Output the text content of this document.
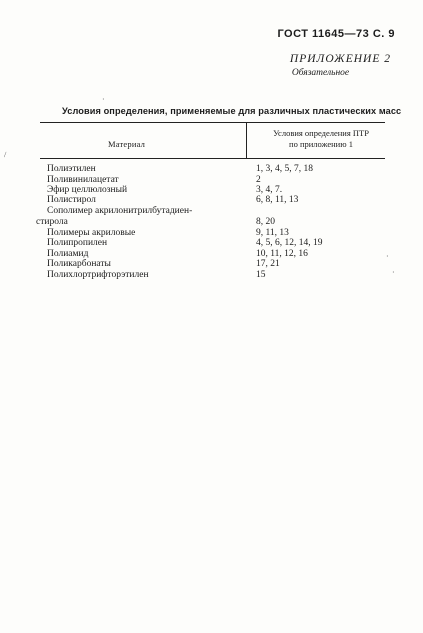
ГОСТ 11645—73 С. 9
ПРИЛОЖЕНИЕ 2
Обязательное
Условия определения, применяемые для различных пластических масс
Материал
Условия определения ПТР
по приложению 1
Полиэтилен	1, 3, 4, 5, 7, 18
Поливинилацетат	2
Эфир целлюлозный	3, 4, 7.
Полистирол	6, 8, 11, 13
Сополимер акрилонитрилбутадиен-
стирола	8, 20
Полимеры акриловые	9, 11, 13
Полипропилен	4, 5, 6, 12, 14, 19
Полиамид	10, 11, 12, 16
Поликарбонаты	17, 21
Полихлортрифторэтилен	15
\
·
·
·
